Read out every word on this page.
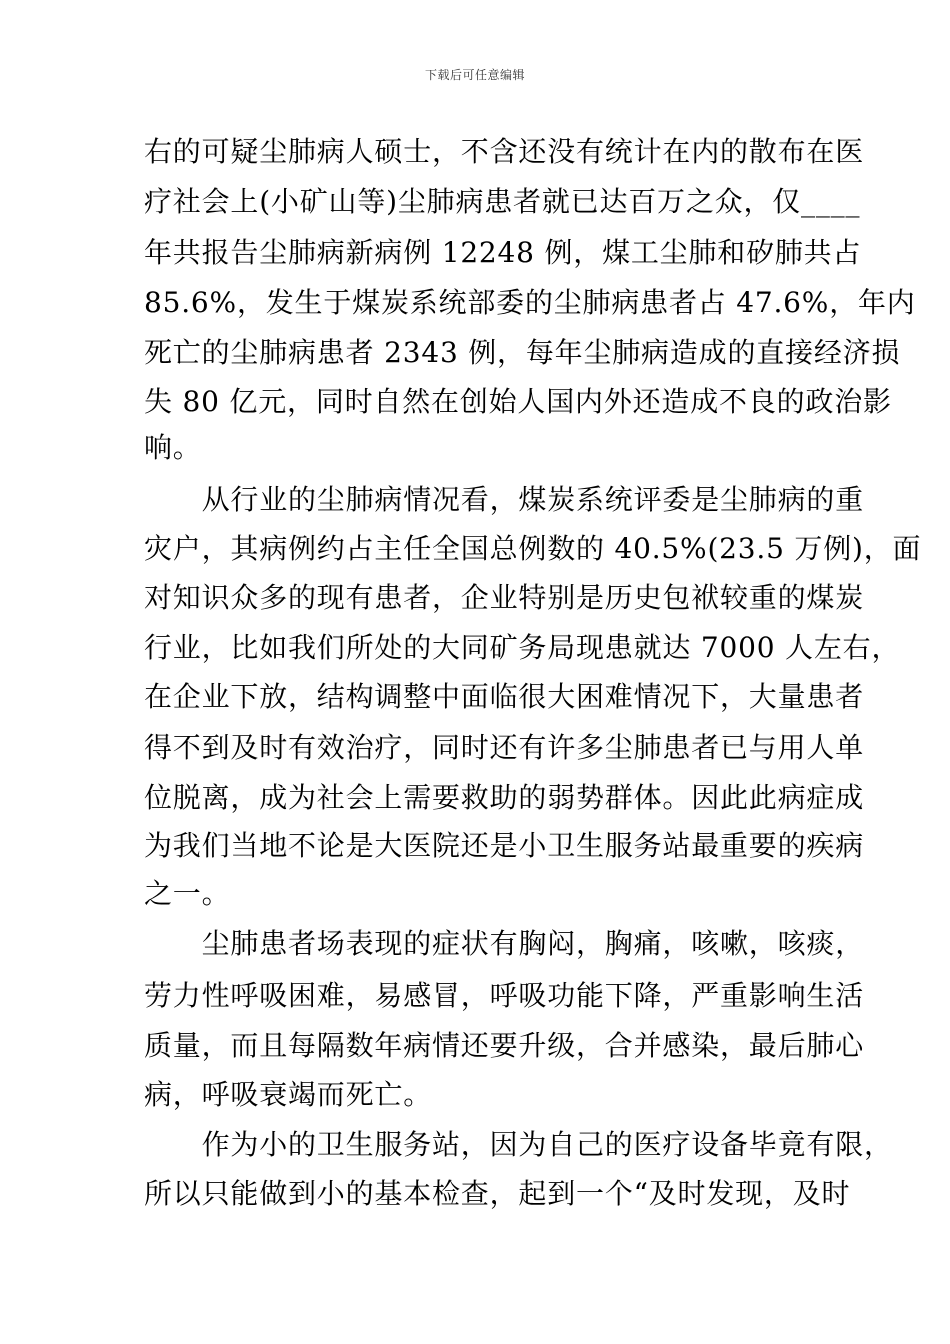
下载后可任意编辑
右的可疑尘肺病人硕士，不含还没有统计在内的散布在医
疗社会上(小矿山等)尘肺病患者就已达百万之众，仅____
年共报告尘肺病新病例 12248 例，煤工尘肺和矽肺共占
85.6%，发生于煤炭系统部委的尘肺病患者占 47.6%，年内
死亡的尘肺病患者 2343 例，每年尘肺病造成的直接经济损
失 80 亿元，同时自然在创始人国内外还造成不良的政治影
响。
　　从行业的尘肺病情况看，煤炭系统评委是尘肺病的重
灾户，其病例约占主任全国总例数的 40.5%(23.5 万例)，面
对知识众多的现有患者，企业特别是历史包袱较重的煤炭
行业，比如我们所处的大同矿务局现患就达 7000 人左右，
在企业下放，结构调整中面临很大困难情况下，大量患者
得不到及时有效治疗，同时还有许多尘肺患者已与用人单
位脱离，成为社会上需要救助的弱势群体。因此此病症成
为我们当地不论是大医院还是小卫生服务站最重要的疾病
之一。
　　尘肺患者场表现的症状有胸闷，胸痛，咳嗽，咳痰，
劳力性呼吸困难，易感冒，呼吸功能下降，严重影响生活
质量，而且每隔数年病情还要升级，合并感染，最后肺心
病，呼吸衰竭而死亡。
　　作为小的卫生服务站，因为自己的医疗设备毕竟有限，
所以只能做到小的基本检查，起到一个“及时发现，及时
